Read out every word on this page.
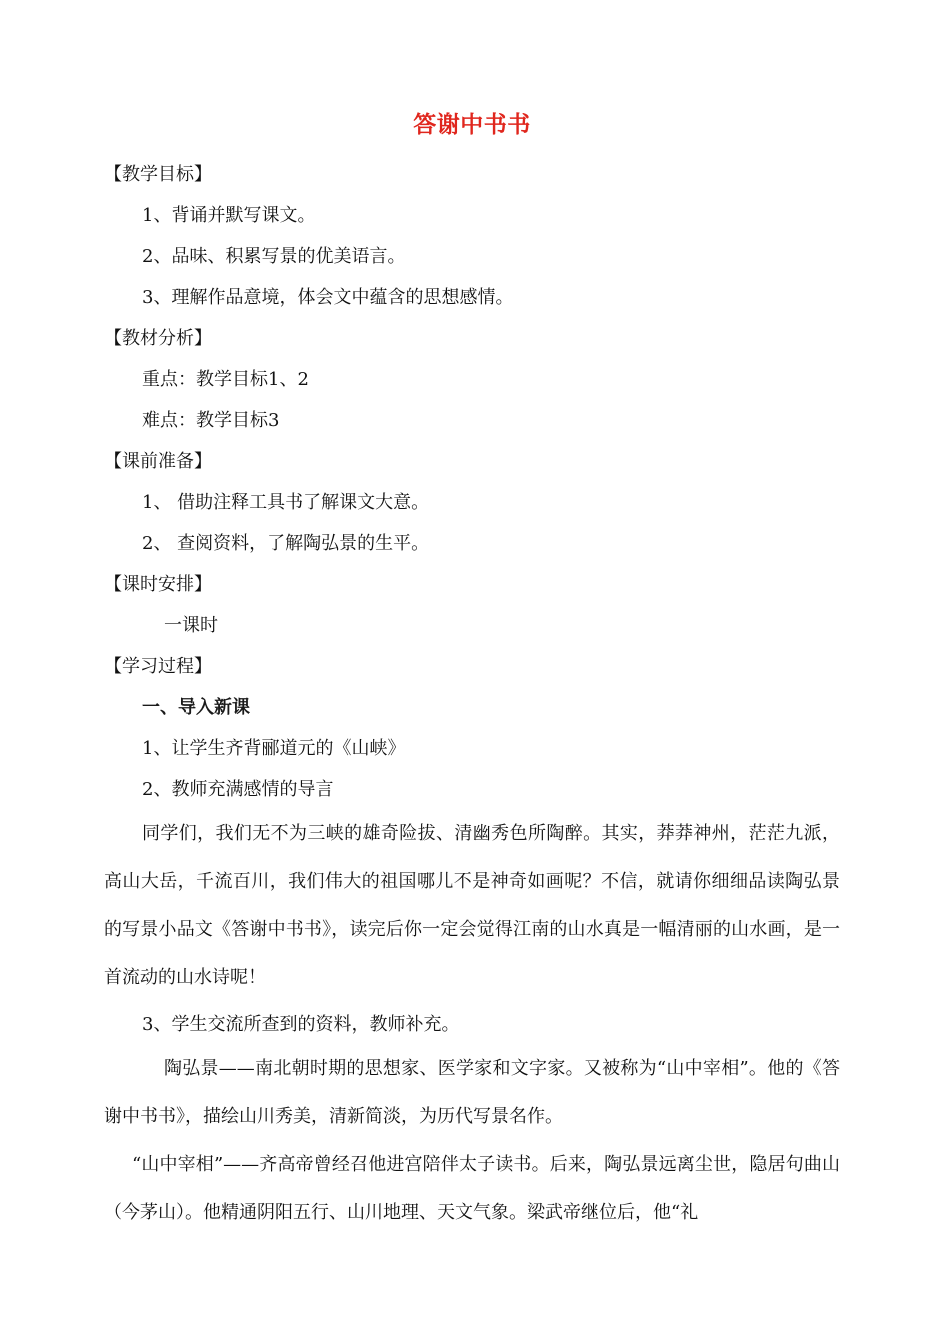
答谢中书书

【教学目标】

1、背诵并默写课文。

2、品味、积累写景的优美语言。

3、理解作品意境，体会文中蕴含的思想感情。

【教材分析】

重点：教学目标1、2

难点：教学目标3

【课前准备】

1、 借助注释工具书了解课文大意。

2、 查阅资料，了解陶弘景的生平。

【课时安排】

一课时

【学习过程】

一、导入新课

1、让学生齐背郦道元的《山峡》

2、教师充满感情的导言

同学们，我们无不为三峡的雄奇险拔、清幽秀色所陶醉。其实，莽莽神州，茫茫九派，高山大岳，千流百川，我们伟大的祖国哪儿不是神奇如画呢？不信，就请你细细品读陶弘景的写景小品文《答谢中书书》，读完后你一定会觉得江南的山水真是一幅清丽的山水画，是一首流动的山水诗呢！

3、学生交流所查到的资料，教师补充。

陶弘景——南北朝时期的思想家、医学家和文字家。又被称为“山中宰相”。他的《答谢中书书》，描绘山川秀美，清新简淡，为历代写景名作。

“山中宰相”——齐高帝曾经召他进宫陪伴太子读书。后来，陶弘景远离尘世，隐居句曲山（今茅山）。他精通阴阳五行、山川地理、天文气象。梁武帝继位后，他“礼
